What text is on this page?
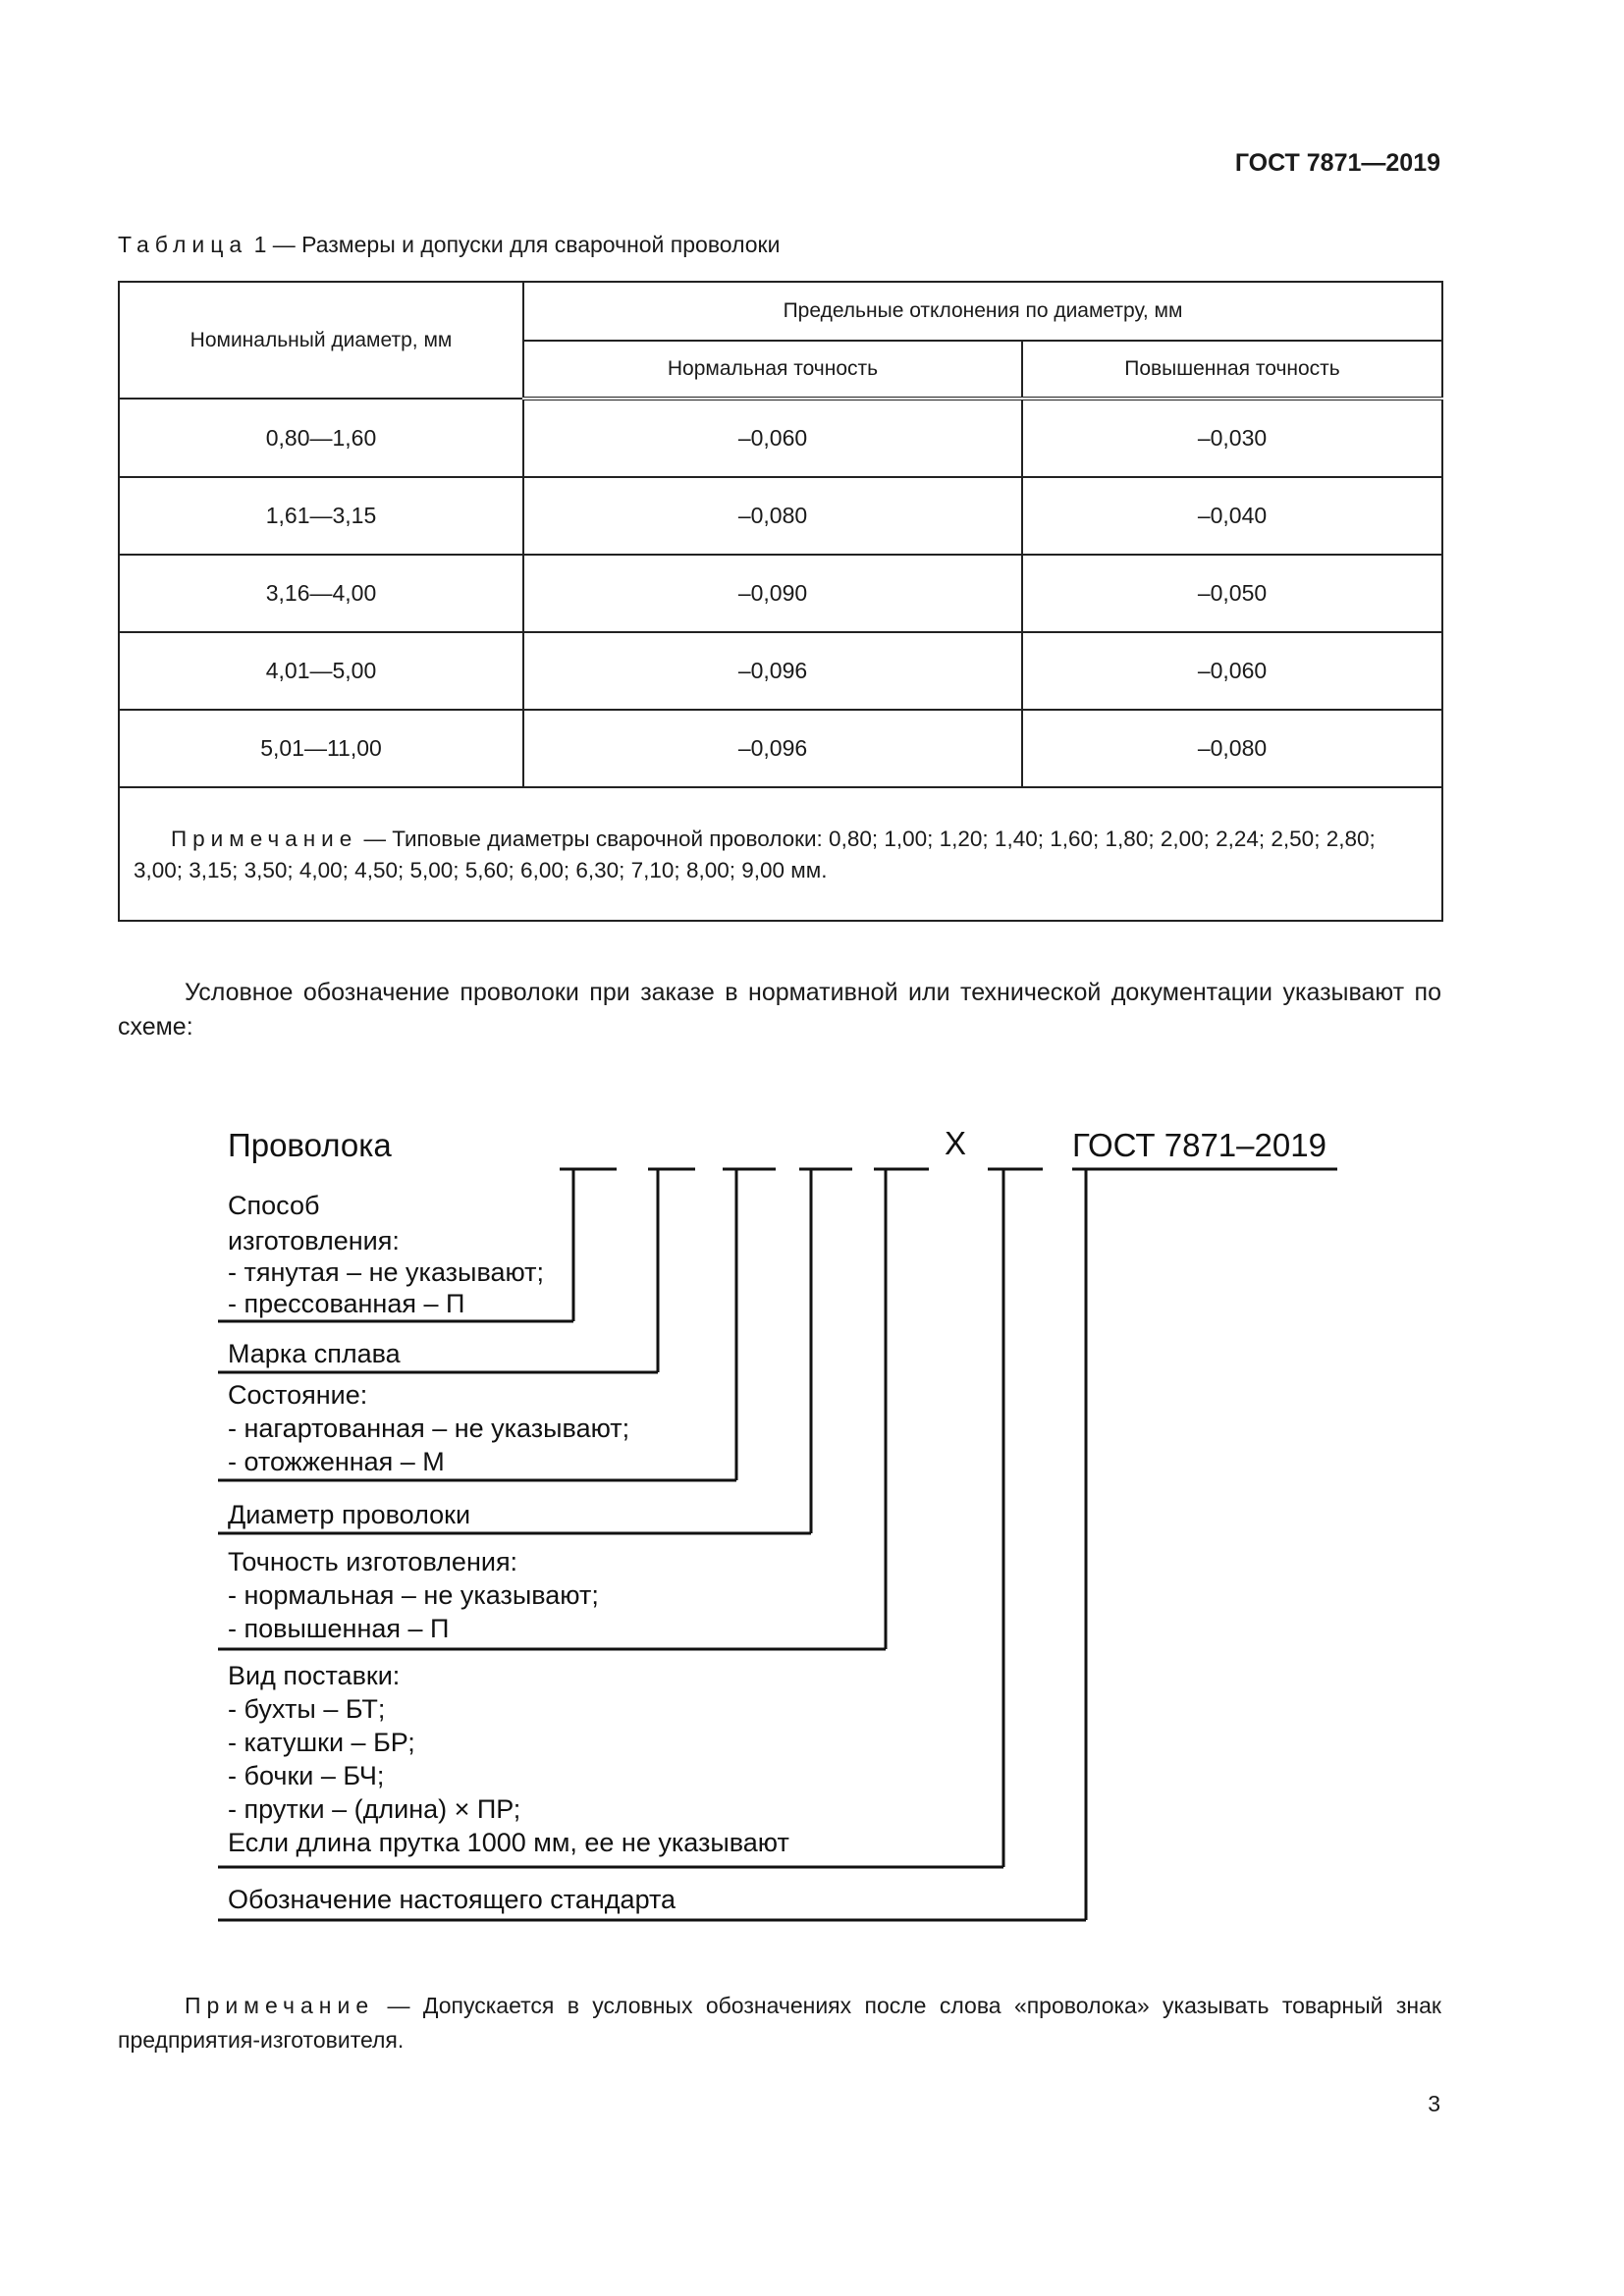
ГОСТ 7871—2019
Таблица 1 — Размеры и допуски для сварочной проволоки
Номинальный диаметр, мм	Предельные отклонения по диаметру, мм	
	Нормальная точность	Повышенная точность
0,80—1,60	–0,060	–0,030
1,61—3,15	–0,080	–0,040
3,16—4,00	–0,090	–0,050
4,01—5,00	–0,096	–0,060
5,01—11,00	–0,096	–0,080
Примечание — Типовые диаметры сварочной проволоки: 0,80; 1,00; 1,20; 1,40; 1,60; 1,80; 2,00; 2,24; 2,50; 2,80; 3,00; 3,15; 3,50; 4,00; 4,50; 5,00; 5,60; 6,00; 6,30; 7,10; 8,00; 9,00 мм.		
Условное обозначение проволоки при заказе в нормативной или технической документации указывают по схеме:
Проволока	Х	ГОСТ 7871–2019
Способ
изготовления:
- тянутая – не указывают;
- прессованная – П
Марка сплава
Состояние:
- нагартованная – не указывают;
- отожженная – М
Диаметр проволоки
Точность изготовления:
- нормальная – не указывают;
- повышенная – П
Вид поставки:
- бухты – БТ;
- катушки – БР;
- бочки – БЧ;
- прутки – (длина) × ПР;
Если длина прутка 1000 мм, ее не указывают
Обозначение настоящего стандарта
Примечание — Допускается в условных обозначениях после слова «проволока» указывать товарный знак предприятия-изготовителя.
3
